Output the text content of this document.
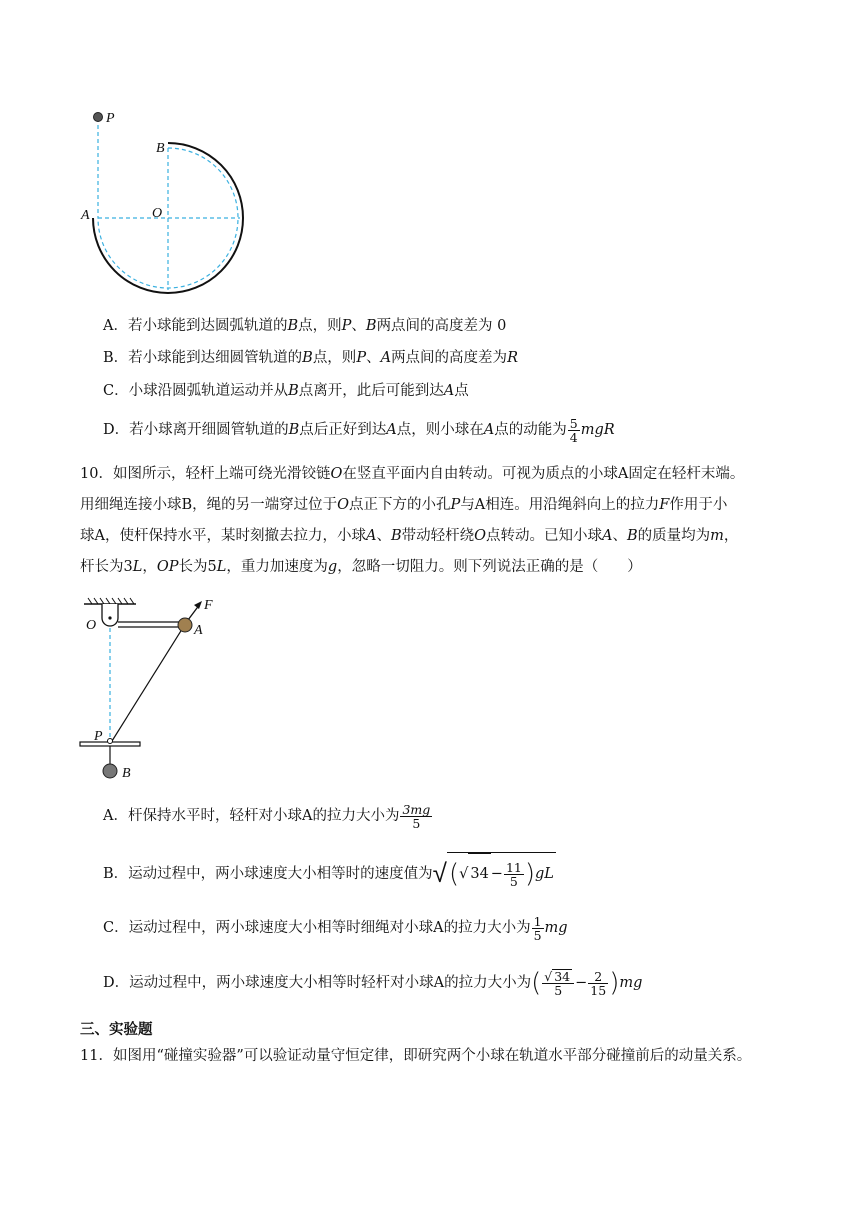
P
B
A	O
A．若小球能到达圆弧轨道的B点，则P、B两点间的高度差为 0
B．若小球能到达细圆管轨道的B点，则P、A两点间的高度差为R
C．小球沿圆弧轨道运动并从B点离开，此后可能到达A点
D．若小球离开细圆管轨道的B点后正好到达A点，则小球在A点的动能为 $\frac{5}{4}$ mgR
10．如图所示，轻杆上端可绕光滑铰链O在竖直平面内自由转动。可视为质点的小球A固定在轻杆末端。
用细绳连接小球B，绳的另一端穿过位于O点正下方的小孔P与A相连。用沿绳斜向上的拉力F作用于小
球A，使杆保持水平，某时刻撤去拉力，小球A、B带动轻杆绕O点转动。已知小球A、B的质量均为m，
杆长为3L，OP长为5L，重力加速度为g，忽略一切阻力。则下列说法正确的是（　　）
O	A
F
P
B
A．杆保持水平时，轻杆对小球A的拉力大小为 $\frac{3mg}{5}$
B．运动过程中，两小球速度大小相等时的速度值为√(√ $34 - \frac{11}{5} )gL$
C．运动过程中，两小球速度大小相等时细绳对小球A的拉力大小为 $\frac{1}{5}$ mg
D．运动过程中，两小球速度大小相等时轻杆对小球A的拉力大小为( $\frac{√ 34}{5} - \frac{2}{15} )mg$
三、实验题
11．如图用“碰撞实验器”可以验证动量守恒定律，即研究两个小球在轨道水平部分碰撞前后的动量关系。
